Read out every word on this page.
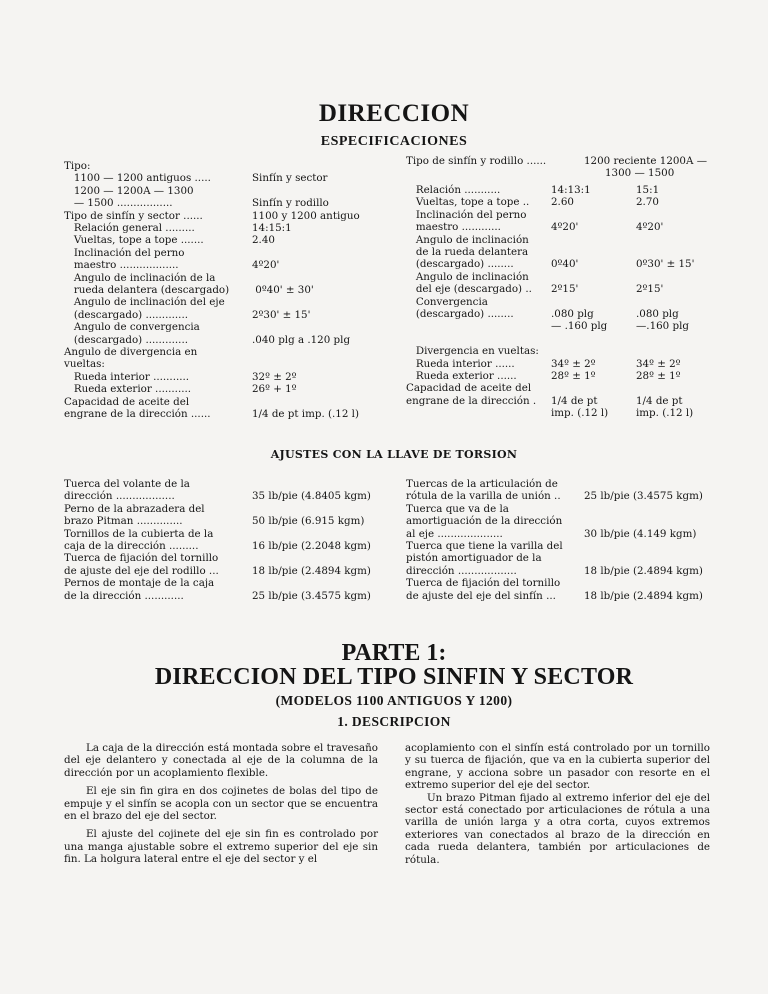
DIRECCION
ESPECIFICACIONES
AJUSTES CON LA LLAVE DE TORSION
PARTE 1:
DIRECCION DEL TIPO SINFIN Y SECTOR
(MODELOS 1100 ANTIGUOS Y 1200)
1. DESCRIPCION

La caja de la dirección está montada sobre el travesaño del eje delantero y conectada al eje de la columna de la dirección por un acoplamiento flexible.

El eje sin fin gira en dos cojinetes de bolas del tipo de empuje y el sinfín se acopla con un sector que se encuentra en el brazo del eje del sector.

El ajuste del cojinete del eje sin fin es controlado por una manga ajustable sobre el extremo superior del eje sin fin. La holgura lateral entre el eje del sector y el

acoplamiento con el sinfín está controlado por un tornillo y su tuerca de fijación, que va en la cubierta superior del engrane, y acciona sobre un pasador con resorte en el extremo superior del eje del sector.

Un brazo Pitman fijado al extremo inferior del eje del sector está conectado por articulaciones de rótula a una varilla de unión larga y a otra corta, cuyos extremos exteriores van conectados al brazo de la dirección en cada rueda delantera, también por articulaciones de rótula.

Tipo:
1100 — 1200 antiguos .....	Sinfín y sector
1200 — 1200A — 1300
— 1500 .................	Sinfín y rodillo
Tipo de sinfín y sector ......	1100 y 1200 antiguo
Relación general .........	14:15:1
Vueltas, tope a tope .......	2.40
Inclinación del perno
maestro ..................	4º20'
Angulo de inclinación de la
rueda delantera (descargado) 0º40' ± 30'
Angulo de inclinación del eje
(descargado) .............	2º30' ± 15'
Angulo de convergencia
(descargado) .............	.040 plg a .120 plg
Angulo de divergencia en
vueltas:
Rueda interior ...........	32º ± 2º
Rueda exterior ...........	26º + 1º
Capacidad de aceite del
engrane de la dirección ......	1/4 de pt imp. (.12 l)
Tipo de sinfín y rodillo ......	1200 reciente 1200A —
1300 — 1500
Relación ...........	14:13:1	15:1
Vueltas, tope a tope .. 2.60	2.70
Inclinación del perno
maestro ............	4º20'	4º20'
Angulo de inclinación
de la rueda delantera
(descargado) ........	0º40'	0º30' ± 15'
Angulo de inclinación
del eje (descargado) .. 2º15'	2º15'
Convergencia
(descargado) ........	.080 plg	.080 plg
— .160 plg	—.160 plg
Divergencia en vueltas:
Rueda interior ......	34º ± 2º	34º ± 2º
Rueda exterior ......	28º ± 1º	28º ± 1º
Capacidad de aceite del
engrane de la dirección . 1/4 de pt	1/4 de pt
imp. (.12 l)	imp. (.12 l)
Tuerca del volante de la
dirección ..................	35 lb/pie (4.8405 kgm)
Perno de la abrazadera del
brazo Pitman ..............	50 lb/pie (6.915 kgm)
Tornillos de la cubierta de la
caja de la dirección .........	16 lb/pie (2.2048 kgm)
Tuerca de fijación del tornillo
de ajuste del eje del rodillo ...	18 lb/pie (2.4894 kgm)
Pernos de montaje de la caja
de la dirección ............	25 lb/pie (3.4575 kgm)
Tuercas de la articulación de
rótula de la varilla de unión .. 25 lb/pie (3.4575 kgm)
Tuerca que va de la
amortiguación de la dirección
al eje ....................	30 lb/pie (4.149 kgm)
Tuerca que tiene la varilla del
pistón amortiguador de la
dirección ..................	18 lb/pie (2.4894 kgm)
Tuerca de fijación del tornillo
de ajuste del eje del sinfín ...	18 lb/pie (2.4894 kgm)
